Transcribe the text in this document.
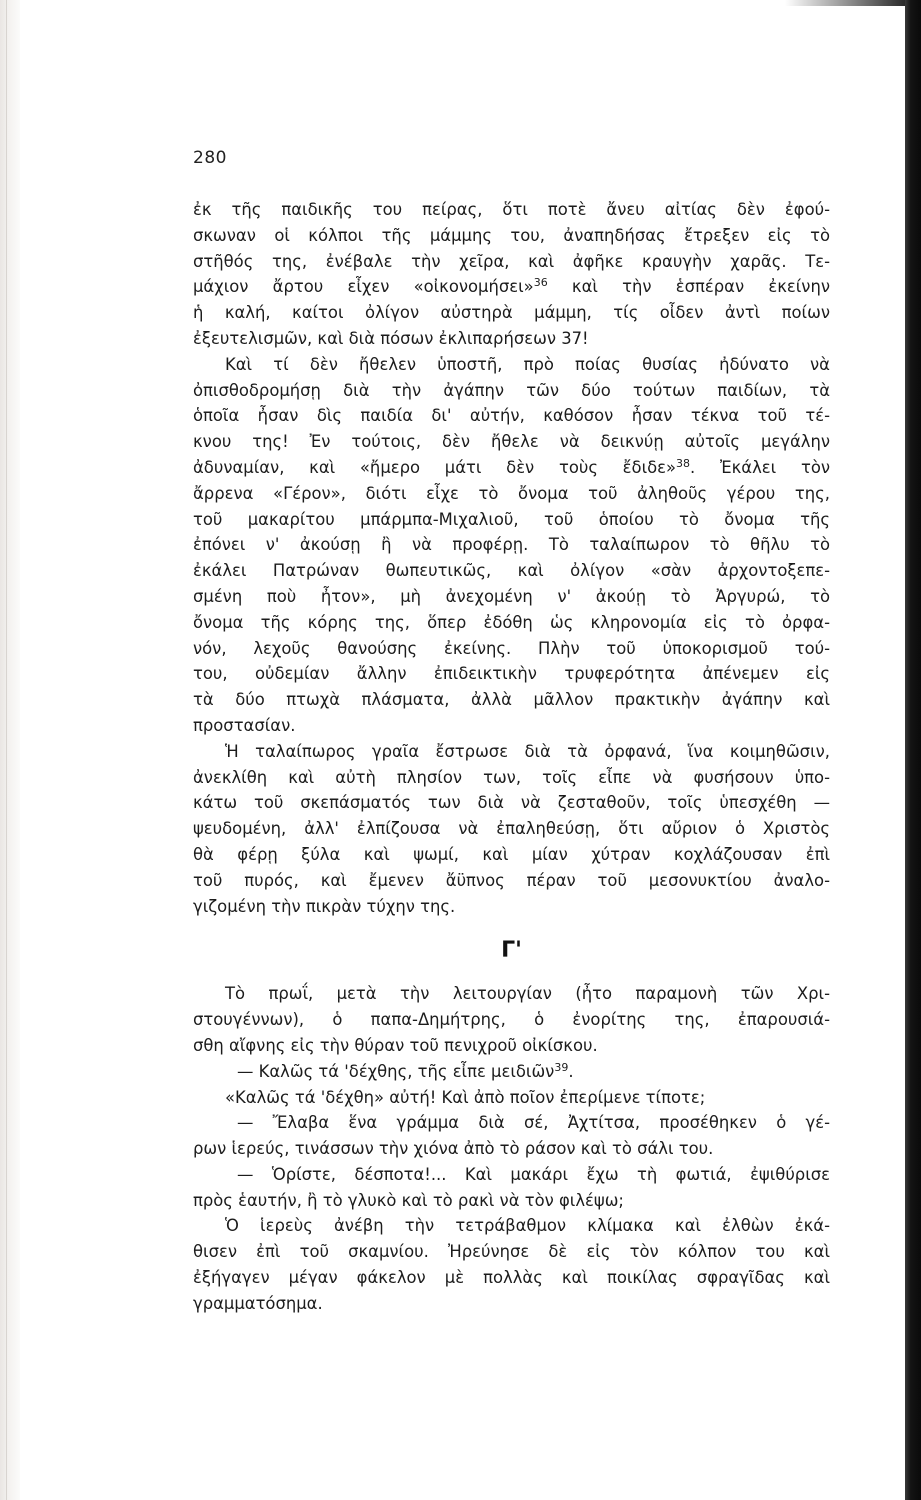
280
ἐκ τῆς παιδικῆς του πείρας, ὅτι ποτὲ ἄνευ αἰτίας δὲν ἐφού-
σκωναν οἱ κόλποι τῆς μάμμης του, ἀναπηδήσας ἔτρεξεν εἰς τὸ
στῆθός της, ἐνέβαλε τὴν χεῖρα, καὶ ἀφῆκε κραυγὴν χαρᾶς. Τε-
μάχιον ἄρτου εἶχεν «οἰκονομήσει»$^{36}$ καὶ τὴν ἑσπέραν ἐκείνην
ἡ καλή, καίτοι ὀλίγον αὐστηρὰ μάμμη, τίς οἶδεν ἀντὶ ποίων
ἐξευτελισμῶν, καὶ διὰ πόσων ἐκλιπαρήσεων 37!
Καὶ τί δὲν ἤθελεν ὑποστῆ, πρὸ ποίας θυσίας ἠδύνατο νὰ
ὀπισθοδρομήσῃ διὰ τὴν ἀγάπην τῶν δύο τούτων παιδίων, τὰ
ὁποῖα ἦσαν δὶς παιδία δι' αὐτήν, καθόσον ἦσαν τέκνα τοῦ τέ-
κνου της! Ἐν τούτοις, δὲν ἤθελε νὰ δεικνύῃ αὐτοῖς μεγάλην
ἀδυναμίαν, καὶ «ἤμερο μάτι δὲν τοὺς ἔδιδε»$^{38}$. Ἐκάλει τὸν
ἄρρενα «Γέρον», διότι εἶχε τὸ ὄνομα τοῦ ἀληθοῦς γέρου της,
τοῦ μακαρίτου μπάρμπα-Μιχαλιοῦ, τοῦ ὁποίου τὸ ὄνομα τῆς
ἐπόνει ν' ἀκούσῃ ἢ νὰ προφέρῃ. Τὸ ταλαίπωρον τὸ θῆλυ τὸ
ἐκάλει Πατρώναν θωπευτικῶς, καὶ ὀλίγον «σὰν ἀρχοντοξεπε-
σμένη ποὺ ἦτον», μὴ ἀνεχομένη ν' ἀκούῃ τὸ Ἀργυρώ, τὸ
ὄνομα τῆς κόρης της, ὅπερ ἐδόθη ὡς κληρονομία εἰς τὸ ὀρφα-
νόν, λεχοῦς θανούσης ἐκείνης. Πλὴν τοῦ ὑποκορισμοῦ τού-
του, οὐδεμίαν ἄλλην ἐπιδεικτικὴν τρυφερότητα ἀπένεμεν εἰς
τὰ δύο πτωχὰ πλάσματα, ἀλλὰ μᾶλλον πρακτικὴν ἀγάπην καὶ
προστασίαν.
Ἡ ταλαίπωρος γραῖα ἔστρωσε διὰ τὰ ὀρφανά, ἵνα κοιμηθῶσιν,
ἀνεκλίθη καὶ αὐτὴ πλησίον των, τοῖς εἶπε νὰ φυσήσουν ὑπο-
κάτω τοῦ σκεπάσματός των διὰ νὰ ζεσταθοῦν, τοῖς ὑπεσχέθη —
ψευδομένη, ἀλλ' ἐλπίζουσα νὰ ἐπαληθεύσῃ, ὅτι αὔριον ὁ Χριστὸς
θὰ φέρῃ ξύλα καὶ ψωμί, καὶ μίαν χύτραν κοχλάζουσαν ἐπὶ
τοῦ πυρός, καὶ ἔμενεν ἄϋπνος πέραν τοῦ μεσονυκτίου ἀναλο-
γιζομένη τὴν πικρὰν τύχην της.
Γ'
Τὸ πρωΐ, μετὰ τὴν λειτουργίαν (ἦτο παραμονὴ τῶν Χρι-
στουγέννων), ὁ παπα-Δημήτρης, ὁ ἐνορίτης της, ἐπαρουσιά-
σθη αἴφνης εἰς τὴν θύραν τοῦ πενιχροῦ οἰκίσκου.
— Καλῶς τά 'δέχθης, τῆς εἶπε μειδιῶν$^{39}$.
«Καλῶς τά 'δέχθη» αὐτή! Καὶ ἀπὸ ποῖον ἐπερίμενε τίποτε;
— Ἔλαβα ἕνα γράμμα διὰ σέ, Ἀχτίτσα, προσέθηκεν ὁ γέ-
ρων ἱερεύς, τινάσσων τὴν χιόνα ἀπὸ τὸ ράσον καὶ τὸ σάλι του.
— Ὁρίστε, δέσποτα!... Καὶ μακάρι ἔχω τὴ φωτιά, ἐψιθύρισε
πρὸς ἑαυτήν, ἢ τὸ γλυκὸ καὶ τὸ ρακὶ νὰ τὸν φιλέψω;
Ὁ ἱερεὺς ἀνέβη τὴν τετράβαθμον κλίμακα καὶ ἐλθὼν ἐκά-
θισεν ἐπὶ τοῦ σκαμνίου. Ἠρεύνησε δὲ εἰς τὸν κόλπον του καὶ
ἐξήγαγεν μέγαν φάκελον μὲ πολλὰς καὶ ποικίλας σφραγῖδας καὶ
γραμματόσημα.
